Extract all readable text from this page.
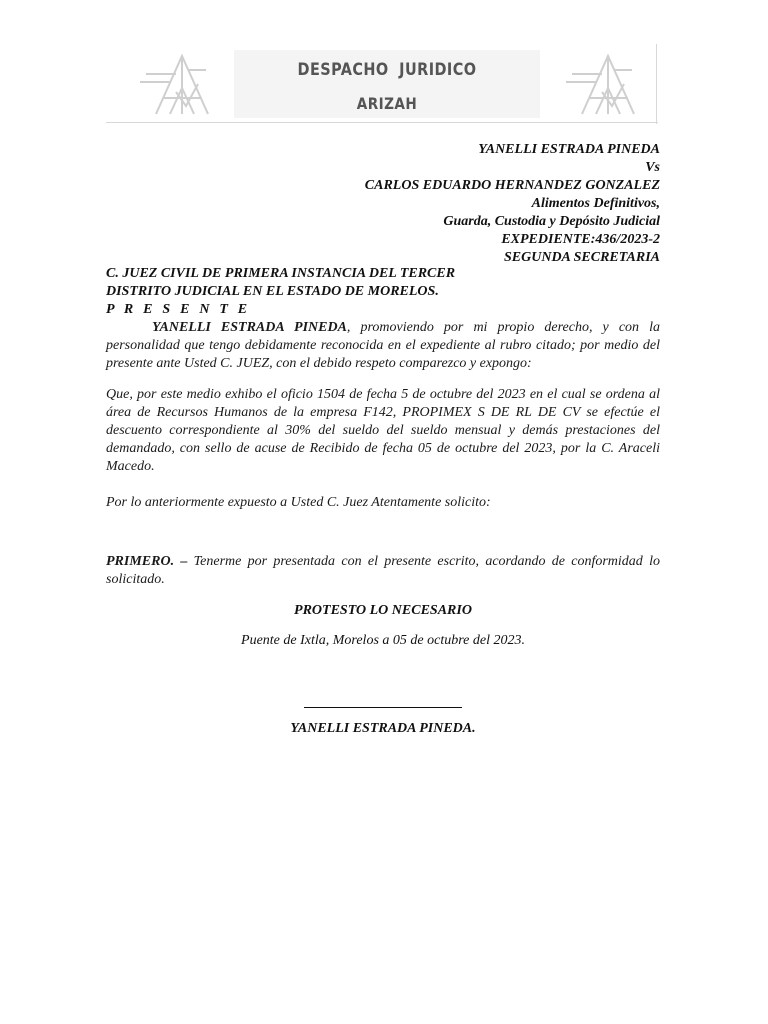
DESPACHO JURIDICO
ARIZAH
YANELLI ESTRADA PINEDA
Vs
CARLOS EDUARDO HERNANDEZ GONZALEZ
Alimentos Definitivos,
Guarda, Custodia y Depósito Judicial
EXPEDIENTE:436/2023-2
SEGUNDA SECRETARIA
C. JUEZ CIVIL DE PRIMERA INSTANCIA DEL TERCER
DISTRITO JUDICIAL EN EL ESTADO DE MORELOS.
P R E S E N T E
YANELLI ESTRADA PINEDA, promoviendo por mi propio derecho, y con la personalidad que tengo debidamente reconocida en el expediente al rubro citado; por medio del presente ante Usted C. JUEZ, con el debido respeto comparezco y expongo:
Que, por este medio exhibo el oficio 1504 de fecha 5 de octubre del 2023 en el cual se ordena al área de Recursos Humanos de la empresa F142, PROPIMEX S DE RL DE CV se efectúe el descuento correspondiente al 30% del sueldo del sueldo mensual y demás prestaciones del demandado, con sello de acuse de Recibido de fecha 05 de octubre del 2023, por la C. Araceli Macedo.
Por lo anteriormente expuesto a Usted C. Juez Atentamente solicito:
PRIMERO. – Tenerme por presentada con el presente escrito, acordando de conformidad lo solicitado.
PROTESTO LO NECESARIO
Puente de Ixtla, Morelos a 05 de octubre del 2023.
YANELLI ESTRADA PINEDA.
